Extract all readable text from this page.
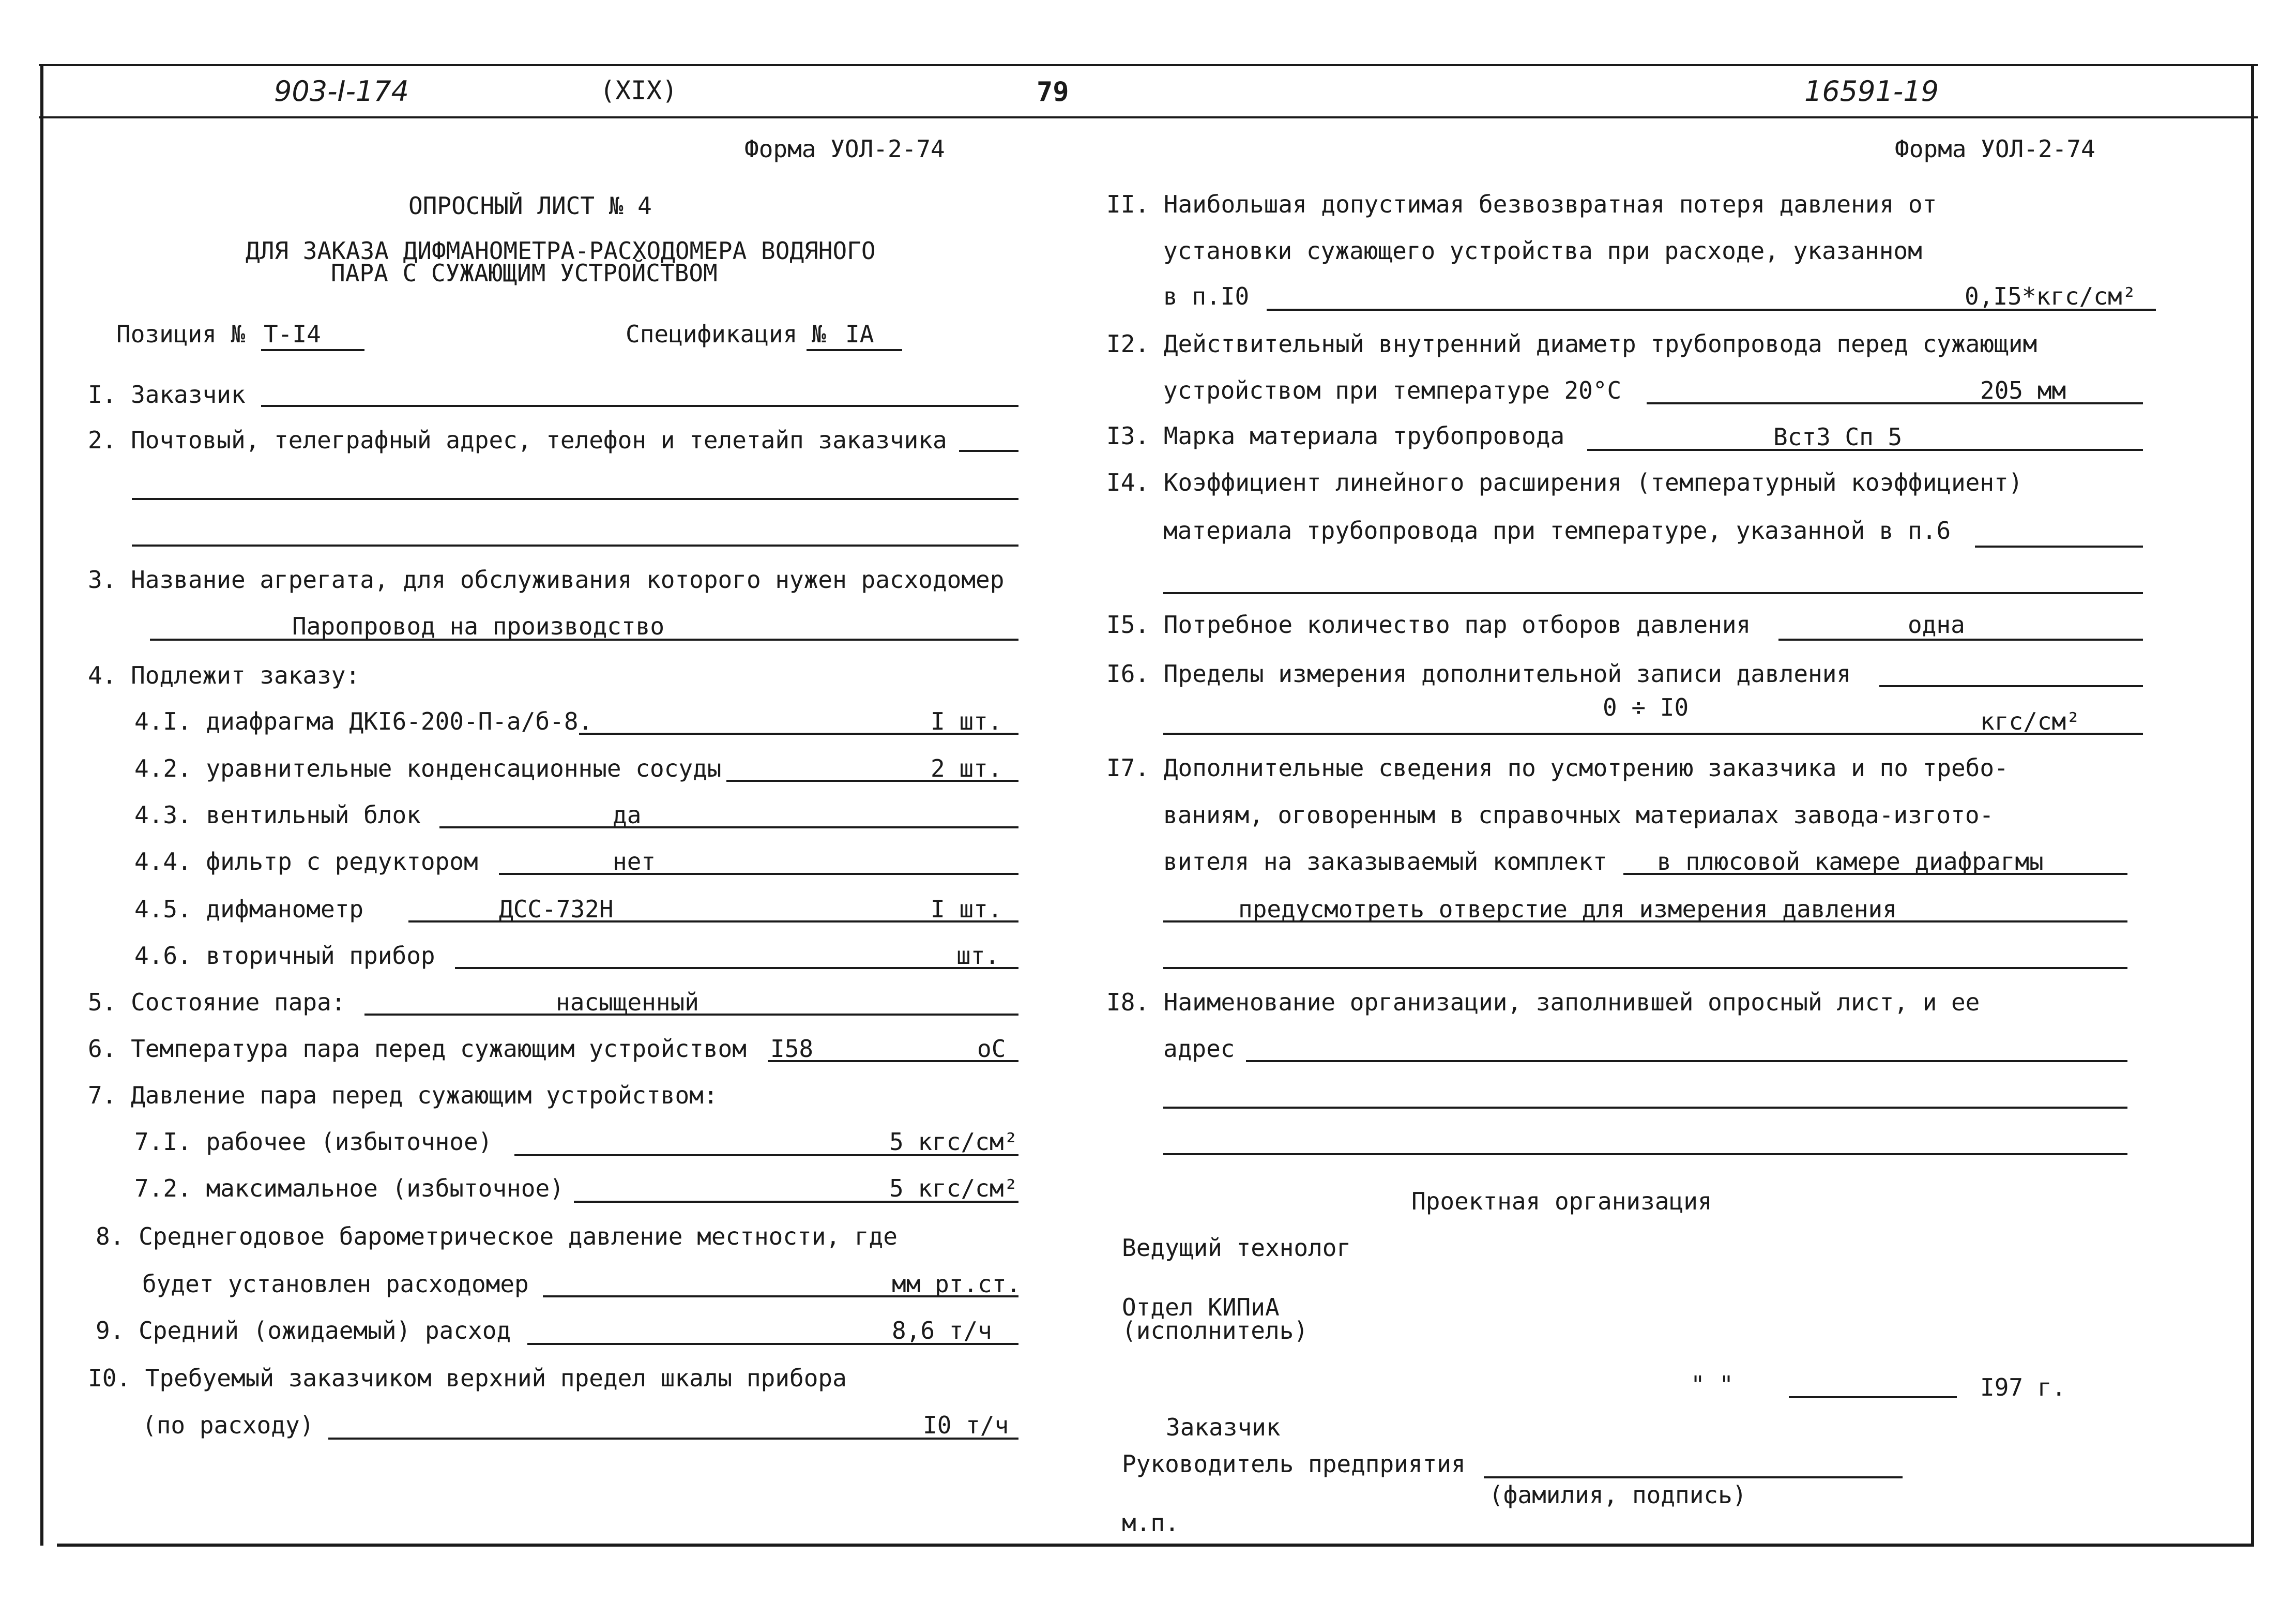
903-I-174	(XIX)	79	16591-19
Форма УОЛ-2-74
ОПРОСНЫЙ ЛИСТ № 4
ДЛЯ ЗАКАЗА ДИФМАНОМЕТРА-РАСХОДОМЕРА ВОДЯНОГО
ПАРА С СУЖАЮЩИМ УСТРОЙСТВОМ
Позиция № Т-I4	Спецификация № IA
I. Заказчик
2. Почтовый, телеграфный адрес, телефон и телетайп заказчика
3. Название агрегата, для обслуживания которого нужен расходомер
Паропровод на производство
4. Подлежит заказу:
4.I. диафрагма ДКI6-200-П-а/б-8.	I шт.
4.2. уравнительные конденсационные сосуды	2 шт.
4.3. вентильный блок	да
4.4. фильтр с редуктором	нет
4.5. дифманометр	ДСС-732Н	I шт.
4.6. вторичный прибор	шт.
5. Состояние пара:	насыщенный
6. Температура пара перед сужающим устройством I58	оС
7. Давление пара перед сужающим устройством:
7.I. рабочее (избыточное)	5 кгс/см²
7.2. максимальное (избыточное)	5 кгс/см²
8. Среднегодовое барометрическое давление местности, где
будет установлен расходомер	мм рт.ст.
9. Средний (ожидаемый) расход	8,6 т/ч
I0. Требуемый заказчиком верхний предел шкалы прибора
(по расходу)	I0 т/ч
Форма УОЛ-2-74
II. Наибольшая допустимая безвозвратная потеря давления от
установки сужающего устройства при расходе, указанном
в п.I0	0,I5*кгс/см²
I2. Действительный внутренний диаметр трубопровода перед сужающим
устройством при температуре 20°С	205 мм
I3. Марка материала трубопровода	Вст3 Сп 5
I4. Коэффициент линейного расширения (температурный коэффициент)
материала трубопровода при температуре, указанной в п.6
I5. Потребное количество пар отборов давления	одна
I6. Пределы измерения дополнительной записи давления
0 ÷ I0	кгс/см²
I7. Дополнительные сведения по усмотрению заказчика и по требо-
ваниям, оговоренным в справочных материалах завода-изгото-
вителя на заказываемый комплект в плюсовой камере диафрагмы
предусмотреть отверстие для измерения давления
I8. Наименование организации, заполнившей опросный лист, и ее
адрес
Проектная организация
Ведущий технолог
Отдел КИПиА
(исполнитель)
" "	I97 г.
Заказчик
Руководитель предприятия
(фамилия, подпись)
м.п.
